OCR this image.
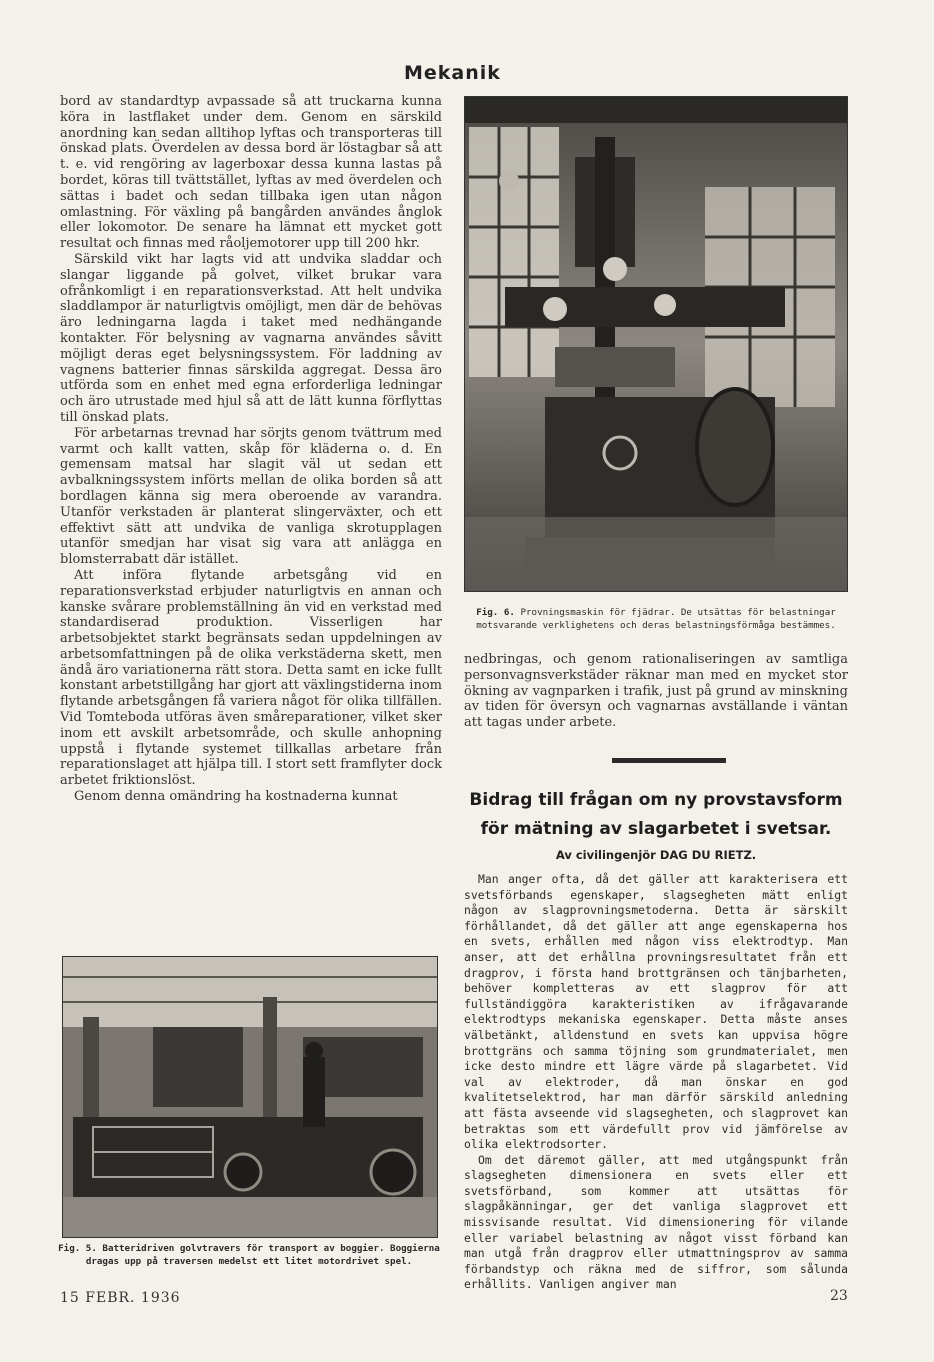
Mekanik

bord av standardtyp avpassade så att truckarna kunna köra in lastflaket under dem. Genom en särskild anordning kan sedan alltihop lyftas och transporteras till önskad plats. Överdelen av dessa bord är löstagbar så att t. e. vid rengöring av lagerboxar dessa kunna lastas på bordet, köras till tvättstället, lyftas av med överdelen och sättas i badet och sedan tillbaka igen utan någon omlastning. För växling på bangården användes ånglok eller lokomotor. De senare ha lämnat ett mycket gott resultat och finnas med råoljemotorer upp till 200 hkr.

Särskild vikt har lagts vid att undvika sladdar och slangar liggande på golvet, vilket brukar vara ofrånkomligt i en reparationsverkstad. Att helt undvika sladdlampor är naturligtvis omöjligt, men där de behövas äro ledningarna lagda i taket med nedhängande kontakter. För belysning av vagnarna användes såvitt möjligt deras eget belysningssystem. För laddning av vagnens batterier finnas särskilda aggregat. Dessa äro utförda som en enhet med egna erforderliga ledningar och äro utrustade med hjul så att de lätt kunna förflyttas till önskad plats.

För arbetarnas trevnad har sörjts genom tvättrum med varmt och kallt vatten, skåp för kläderna o. d. En gemensam matsal har slagit väl ut sedan ett avbalkningssystem införts mellan de olika borden så att bordlagen känna sig mera oberoende av varandra. Utanför verkstaden är planterat slingerväxter, och ett effektivt sätt att undvika de vanliga skrotupplagen utanför smedjan har visat sig vara att anlägga en blomsterrabatt där istället.

Att införa flytande arbetsgång vid en reparationsverkstad erbjuder naturligtvis en annan och kanske svårare problemställning än vid en verkstad med standardiserad produktion. Visserligen har arbetsobjektet starkt begränsats sedan uppdelningen av arbetsomfattningen på de olika verkstäderna skett, men ändå äro variationerna rätt stora. Detta samt en icke fullt konstant arbetstillgång har gjort att växlingstiderna inom flytande arbetsgången få variera något för olika tillfällen. Vid Tomteboda utföras även småreparationer, vilket sker inom ett avskilt arbetsområde, och skulle anhopning uppstå i flytande systemet tillkallas arbetare från reparationslaget att hjälpa till. I stort sett framflyter dock arbetet friktionslöst.

Genom denna omändring ha kostnaderna kunnat

Fig. 6. Provningsmaskin för fjädrar. De utsättas för belastningar motsvarande verklighetens och deras belastningsförmåga bestämmes.

nedbringas, och genom rationaliseringen av samtliga personvagnsverkstäder räknar man med en mycket stor ökning av vagnparken i trafik, just på grund av minskning av tiden för översyn och vagnarnas avställande i väntan att tagas under arbete.

Bidrag till frågan om ny provstavsform
för mätning av slagarbetet i svetsar.
Av civilingenjör DAG DU RIETZ.

Man anger ofta, då det gäller att karakterisera ett svetsförbands egenskaper, slagsegheten mätt enligt någon av slagprovningsmetoderna. Detta är särskilt förhållandet, då det gäller att ange egenskaperna hos en svets, erhållen med någon viss elektrodtyp. Man anser, att det erhållna provningsresultatet från ett dragprov, i första hand brottgränsen och tänjbarheten, behöver kompletteras av ett slagprov för att fullständiggöra karakteristiken av ifrågavarande elektrodtyps mekaniska egenskaper. Detta måste anses välbetänkt, alldenstund en svets kan uppvisa högre brottgräns och samma töjning som grundmaterialet, men icke desto mindre ett lägre värde på slagarbetet. Vid val av elektroder, då man önskar en god kvalitetselektrod, har man därför särskild anledning att fästa avseende vid slagsegheten, och slagprovet kan betraktas som ett värdefullt prov vid jämförelse av olika elektrodsorter.

Om det däremot gäller, att med utgångspunkt från slagsegheten dimensionera en svets eller ett svetsförband, som kommer att utsättas för slagpåkänningar, ger det vanliga slagprovet ett missvisande resultat. Vid dimensionering för vilande eller variabel belastning av något visst förband kan man utgå från dragprov eller utmattningsprov av samma förbandstyp och räkna med de siffror, som sålunda erhållits. Vanligen angiver man

Fig. 5. Batteridriven golvtravers för transport av boggier. Boggierna dragas upp på traversen medelst ett litet motordrivet spel.
15 FEBR. 1936	23
